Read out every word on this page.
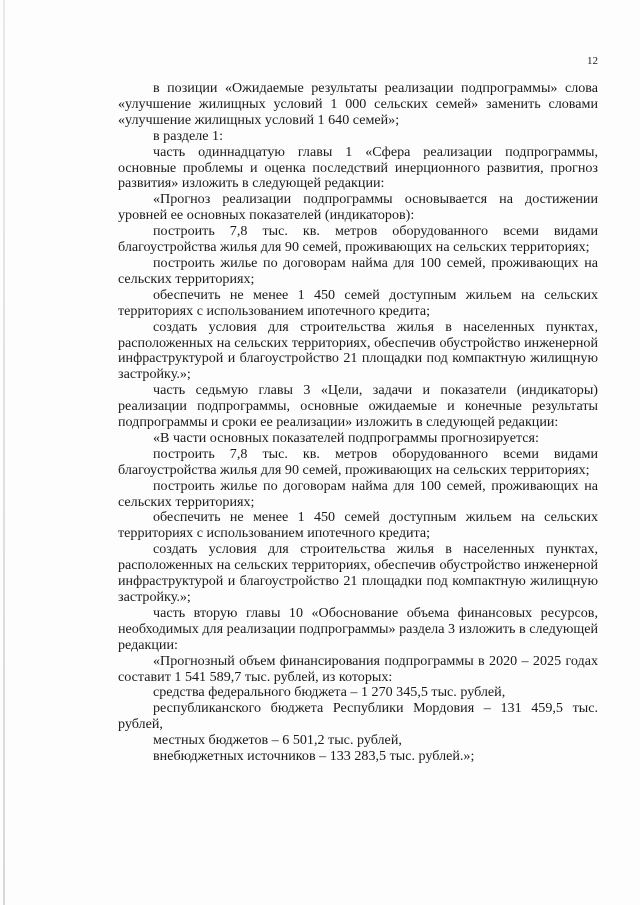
12

в позиции «Ожидаемые результаты реализации подпрограммы» слова «улучшение жилищных условий 1 000 сельских семей» заменить словами «улучшение жилищных условий 1 640 семей»;

в разделе 1:

часть одиннадцатую главы 1 «Сфера реализации подпрограммы, основные проблемы и оценка последствий инерционного развития, прогноз развития» изложить в следующей редакции:

«Прогноз реализации подпрограммы основывается на достижении уровней ее основных показателей (индикаторов):

построить 7,8 тыс. кв. метров оборудованного всеми видами благоустройства жилья для 90 семей, проживающих на сельских территориях;

построить жилье по договорам найма для 100 семей, проживающих на сельских территориях;

обеспечить не менее 1 450 семей доступным жильем на сельских территориях с использованием ипотечного кредита;

создать условия для строительства жилья в населенных пунктах, расположенных на сельских территориях, обеспечив обустройство инженерной инфраструктурой и благоустройство 21 площадки под компактную жилищную застройку.»;

часть седьмую главы 3 «Цели, задачи и показатели (индикаторы) реализации подпрограммы, основные ожидаемые и конечные результаты подпрограммы и сроки ее реализации» изложить в следующей редакции:

«В части основных показателей подпрограммы прогнозируется:

построить 7,8 тыс. кв. метров оборудованного всеми видами благоустройства жилья для 90 семей, проживающих на сельских территориях;

построить жилье по договорам найма для 100 семей, проживающих на сельских территориях;

обеспечить не менее 1 450 семей доступным жильем на сельских территориях с использованием ипотечного кредита;

создать условия для строительства жилья в населенных пунктах, расположенных на сельских территориях, обеспечив обустройство инженерной инфраструктурой и благоустройство 21 площадки под компактную жилищную застройку.»;

часть вторую главы 10 «Обоснование объема финансовых ресурсов, необходимых для реализации подпрограммы» раздела 3 изложить в следующей редакции:

«Прогнозный объем финансирования подпрограммы в 2020 – 2025 годах составит 1 541 589,7 тыс. рублей, из которых:

средства федерального бюджета – 1 270 345,5 тыс. рублей,

республиканского бюджета Республики Мордовия – 131 459,5 тыс. рублей,

местных бюджетов – 6 501,2 тыс. рублей,

внебюджетных источников – 133 283,5 тыс. рублей.»;
